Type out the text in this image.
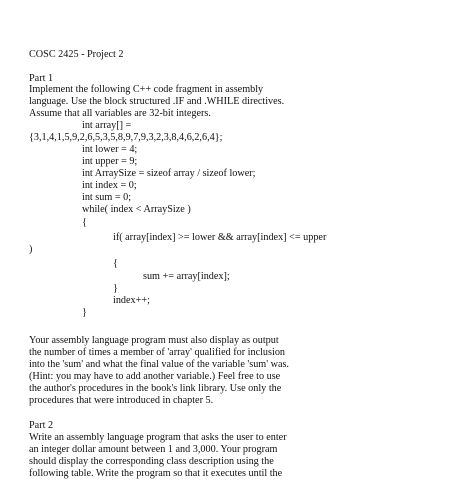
COSC 2425 - Project 2
Part 1
Implement the following C++ code fragment in assembly
language. Use the block structured .IF and .WHILE directives.
Assume that all variables are 32-bit integers.
int array[] =
{3,1,4,1,5,9,2,6,5,3,5,8,9,7,9,3,2,3,8,4,6,2,6,4};
int lower = 4;
int upper = 9;
int ArraySize = sizeof array / sizeof lower;
int index = 0;
int sum = 0;
while( index < ArraySize )
{
if( array[index] >= lower && array[index] <= upper
)
{
sum += array[index];
}
index++;
}
Your assembly language program must also display as output
the number of times a member of 'array' qualified for inclusion
into the 'sum' and what the final value of the variable 'sum' was.
(Hint: you may have to add another variable.) Feel free to use
the author's procedures in the book's link library. Use only the
procedures that were introduced in chapter 5.
Part 2
Write an assembly language program that asks the user to enter
an integer dollar amount between 1 and 3,000. Your program
should display the corresponding class description using the
following table. Write the program so that it executes until the
